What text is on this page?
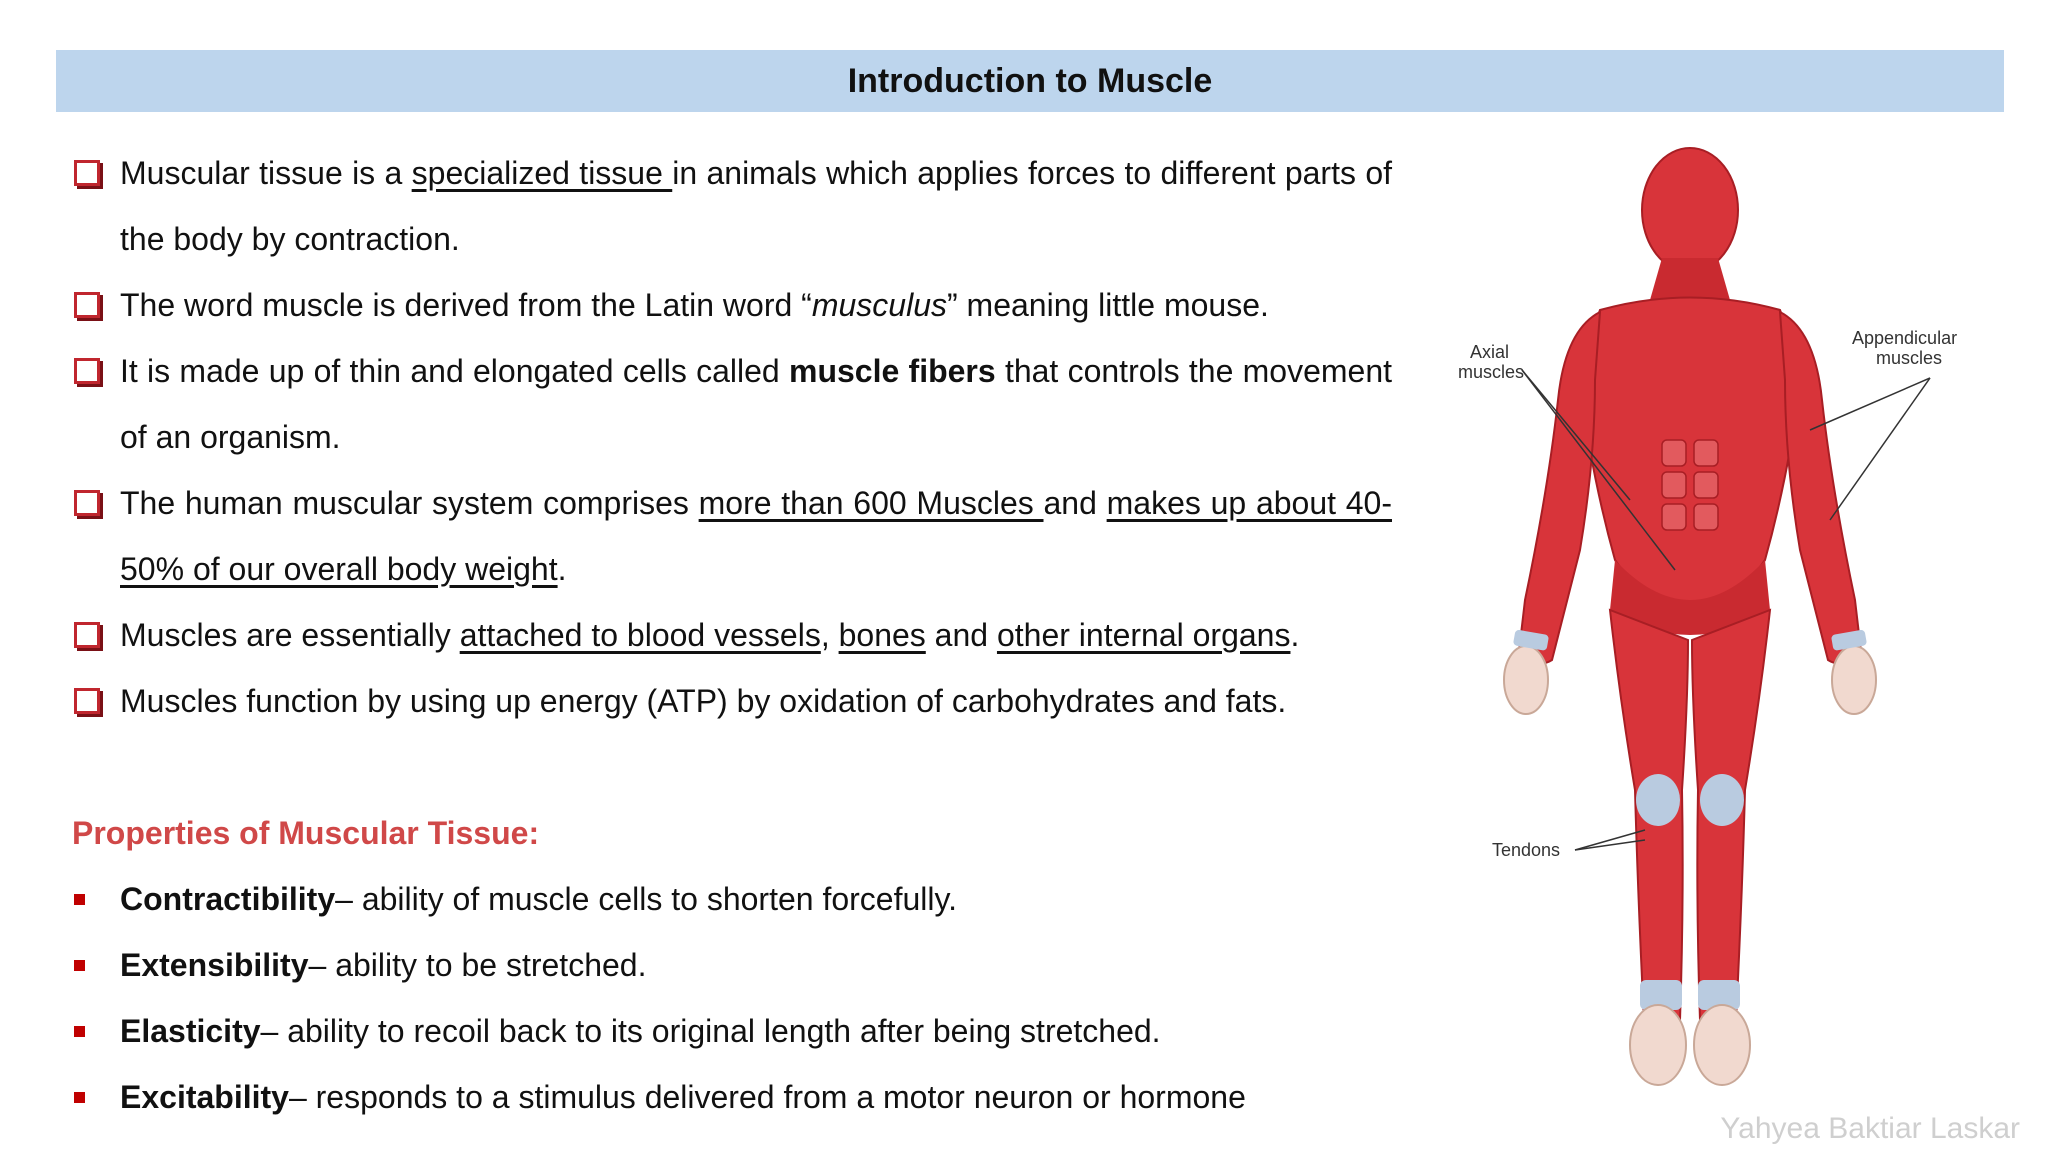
Introduction to Muscle
Muscular tissue is a specialized tissue in animals which applies forces to different parts of the body by contraction.
The word muscle is derived from the Latin word “musculus” meaning little mouse.
It is made up of thin and elongated cells called muscle fibers that controls the movement of an organism.
The human muscular system comprises more than 600 Muscles and makes up about 40-50% of our overall body weight.
Muscles are essentially attached to blood vessels, bones and other internal organs.
Muscles function by using up energy (ATP) by oxidation of carbohydrates and fats.
Properties of Muscular Tissue:
Contractibility– ability of muscle cells to shorten forcefully.
Extensibility– ability to be stretched.
Elasticity– ability to recoil back to its original length after being stretched.
Excitability– responds to a stimulus delivered from a motor neuron or hormone
Axial
muscles
Appendicular
muscles
Tendons
Yahyea Baktiar Laskar
